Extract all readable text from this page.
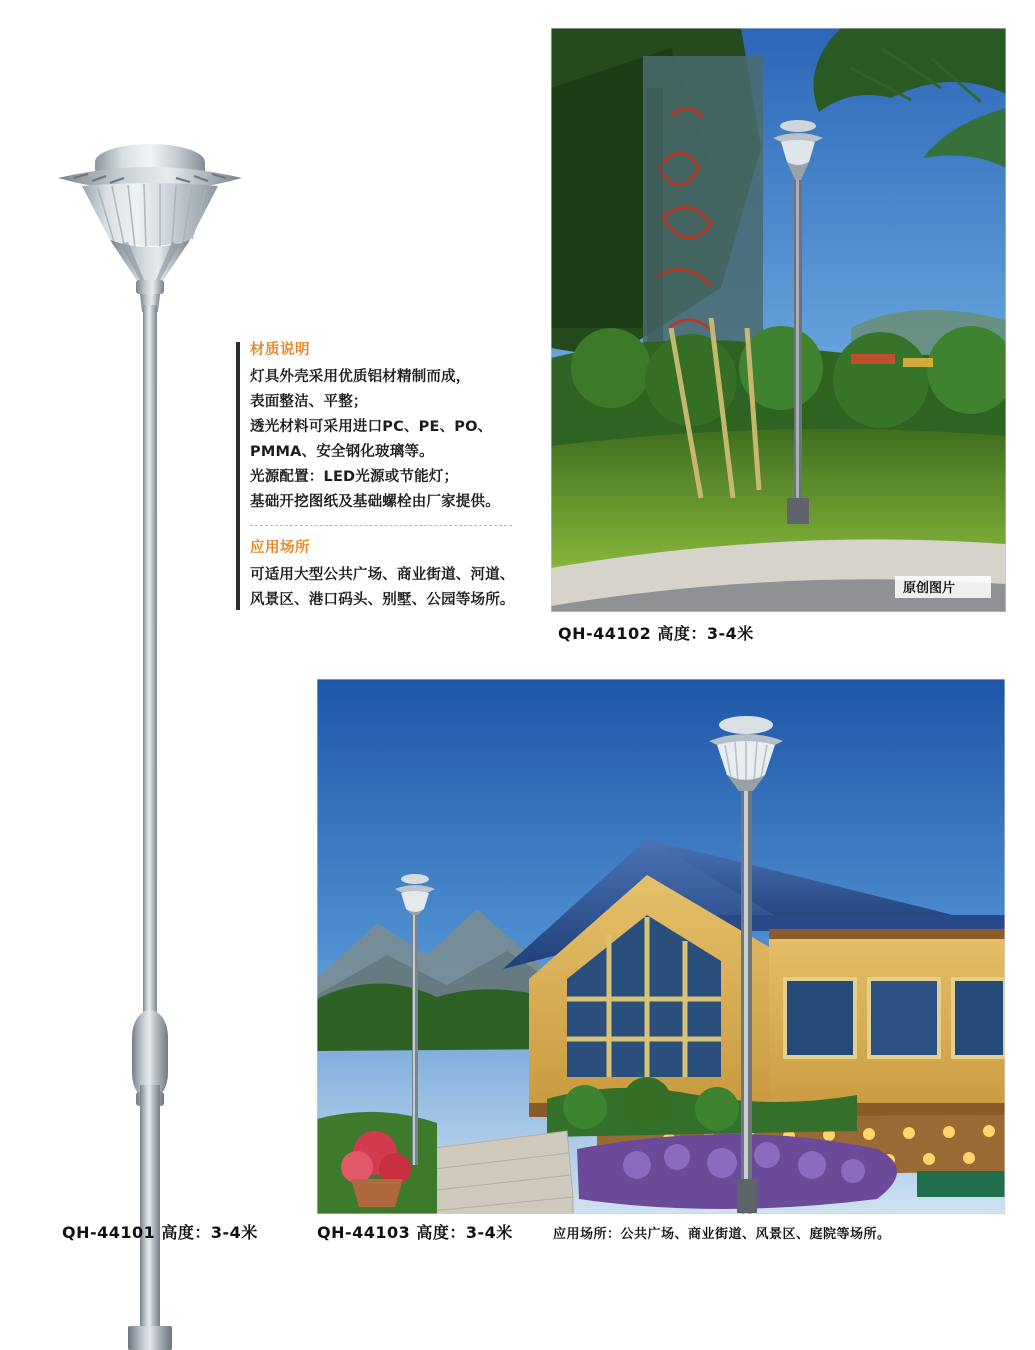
材质说明
灯具外壳采用优质铝材精制而成，
表面整洁、平整；
透光材料可采用进口PC、PE、PO、
PMMA、安全钢化玻璃等。
光源配置：LED光源或节能灯；
基础开挖图纸及基础螺栓由厂家提供。
应用场所
可适用大型公共广场、商业街道、河道、
风景区、港口码头、别墅、公园等场所。
原创图片
QH-44102 高度：3-4米
QH-44101 高度：3-4米	QH-44103 高度：3-4米	应用场所：公共广场、商业街道、风景区、庭院等场所。
